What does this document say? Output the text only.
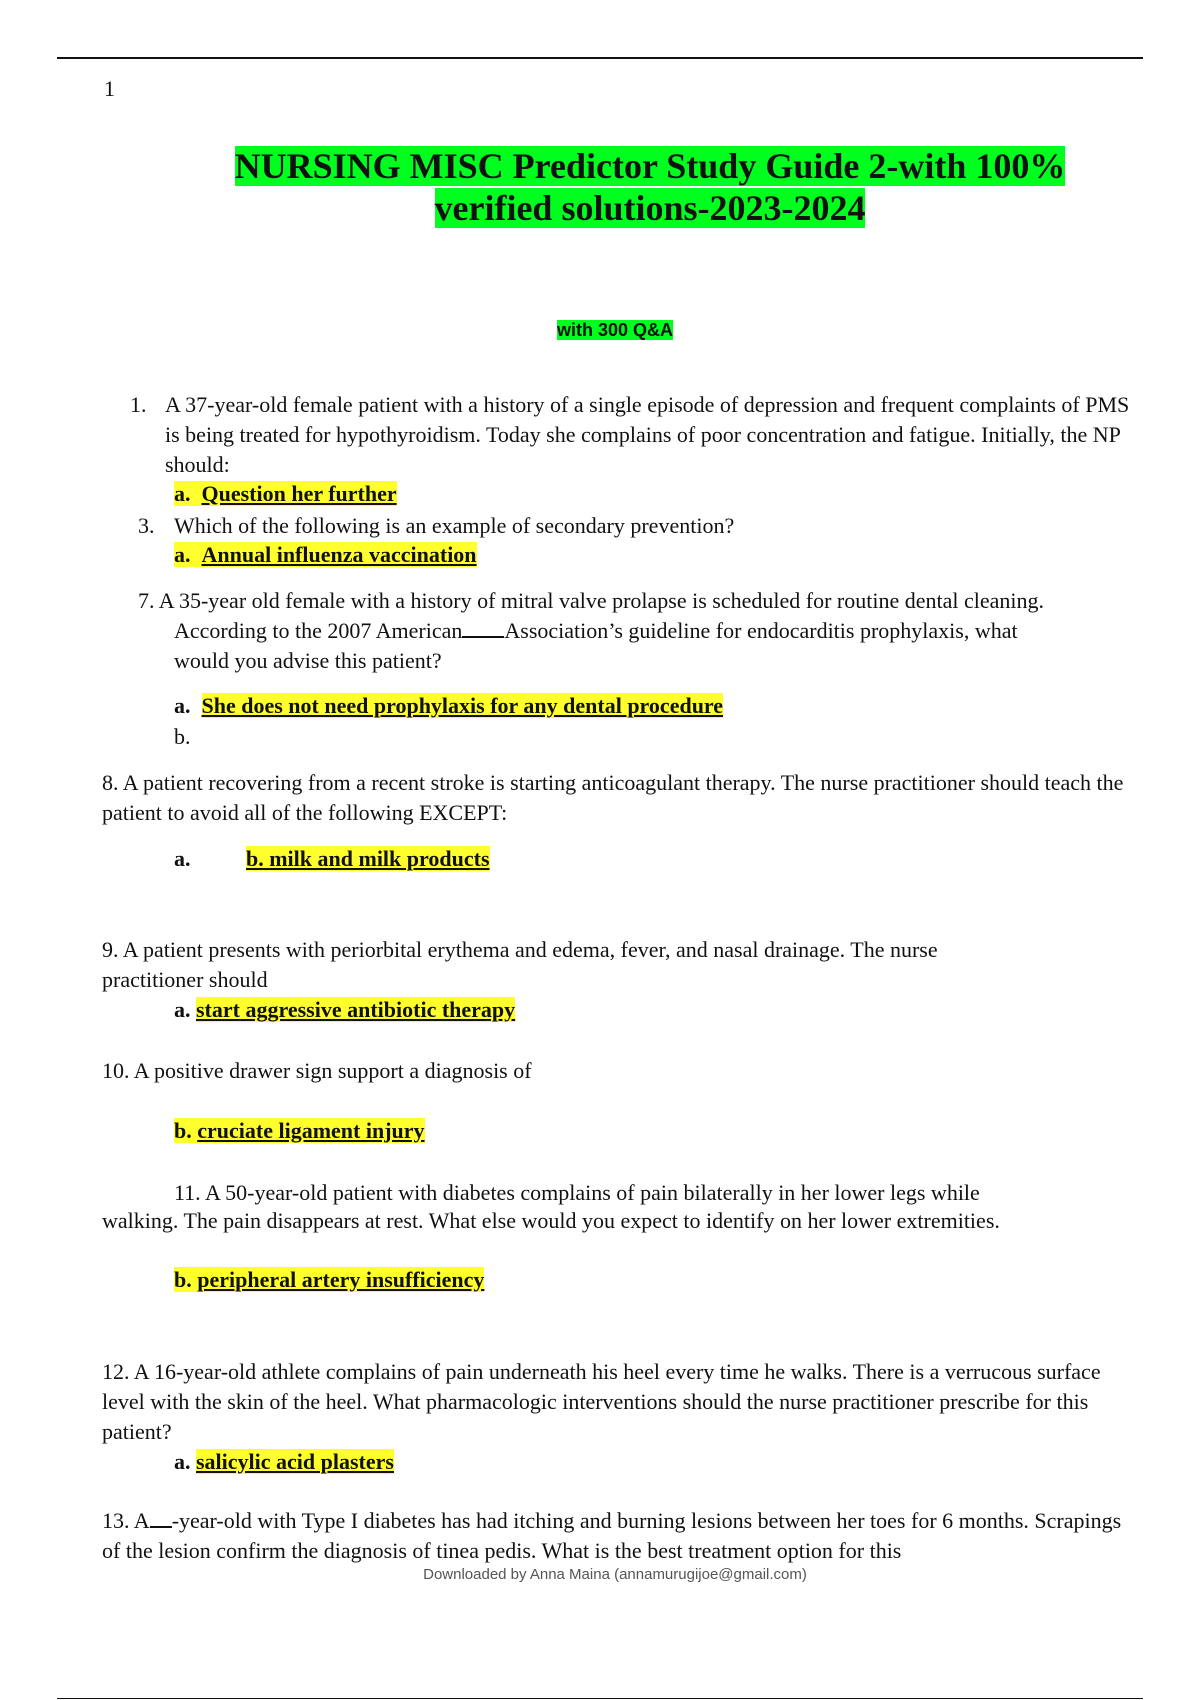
1
NURSING MISC Predictor Study Guide 2-with 100%
verified solutions-2023-2024
with 300 Q&A
1. A 37-year-old female patient with a history of a single episode of depression and frequent complaints of PMS is being treated for hypothyroidism. Today she complains of poor concentration and fatigue. Initially, the NP should:
a. Question her further
3. Which of the following is an example of secondary prevention?
a. Annual influenza vaccination
7. A 35-year old female with a history of mitral valve prolapse is scheduled for routine dental cleaning. According to the 2007 American Association’s guideline for endocarditis prophylaxis, what would you advise this patient?
a. She does not need prophylaxis for any dental procedure
b.
8. A patient recovering from a recent stroke is starting anticoagulant therapy. The nurse practitioner should teach the patient to avoid all of the following EXCEPT:
a.	b. milk and milk products
9. A patient presents with periorbital erythema and edema, fever, and nasal drainage. The nurse practitioner should
a. start aggressive antibiotic therapy
10. A positive drawer sign support a diagnosis of
b. cruciate ligament injury
11. A 50-year-old patient with diabetes complains of pain bilaterally in her lower legs while
walking. The pain disappears at rest. What else would you expect to identify on her lower extremities.
b. peripheral artery insufficiency
12. A 16-year-old athlete complains of pain underneath his heel every time he walks. There is a verrucous surface level with the skin of the heel. What pharmacologic interventions should the nurse practitioner prescribe for this patient?
a. salicylic acid plasters
13. A -year-old with Type I diabetes has had itching and burning lesions between her toes for 6 months. Scrapings of the lesion confirm the diagnosis of tinea pedis. What is the best treatment option for this
Downloaded by Anna Maina (annamurugijoe@gmail.com)
